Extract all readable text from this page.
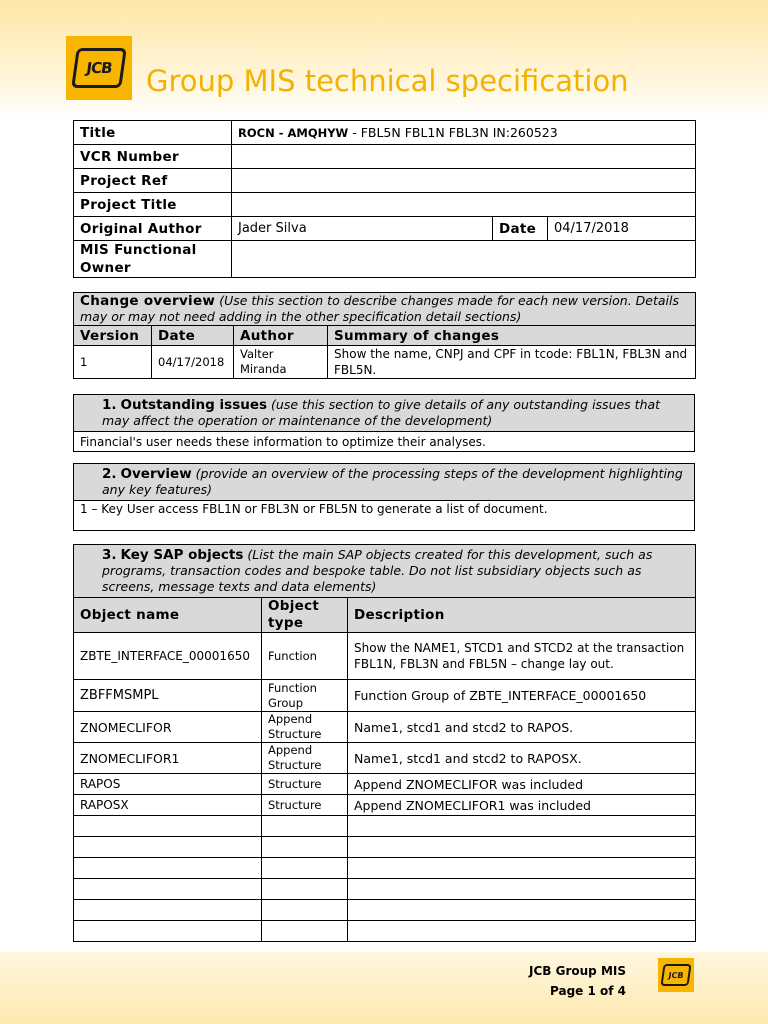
JCB Group MIS technical specification
Title	ROCN - AMQHYW - FBL5N FBL1N FBL3N IN:260523		
VCR Number			
Project Ref			
Project Title			
Original Author	Jader Silva	Date	04/17/2018
MIS Functional Owner			
Change overview (Use this section to describe changes made for each new version. Details may or may not need adding in the other specification detail sections)			
Version	Date	Author	Summary of changes
1	04/17/2018	Valter Miranda	Show the name, CNPJ and CPF in tcode: FBL1N, FBL3N and FBL5N.
1. Outstanding issues (use this section to give details of any outstanding issues that may affect the operation or maintenance of the development)
Financial's user needs these information to optimize their analyses.
2. Overview (provide an overview of the processing steps of the development highlighting any key features)
1 – Key User access FBL1N or FBL3N or FBL5N to generate a list of document.
3. Key SAP objects (List the main SAP objects created for this development, such as programs, transaction codes and bespoke table. Do not list subsidiary objects such as screens, message texts and data elements)		
Object name	Object type	Description
ZBTE_INTERFACE_00001650	Function	Show the NAME1, STCD1 and STCD2 at the transaction FBL1N, FBL3N and FBL5N – change lay out.
ZBFFMSMPL	Function Group	Function Group of ZBTE_INTERFACE_00001650
ZNOMECLIFOR	Append Structure	Name1, stcd1 and stcd2 to RAPOS.
ZNOMECLIFOR1	Append Structure	Name1, stcd1 and stcd2 to RAPOSX.
RAPOS	Structure	Append ZNOMECLIFOR was included
RAPOSX	Structure	Append ZNOMECLIFOR1 was included

JCB Group MIS
Page 1 of 4
JCB
